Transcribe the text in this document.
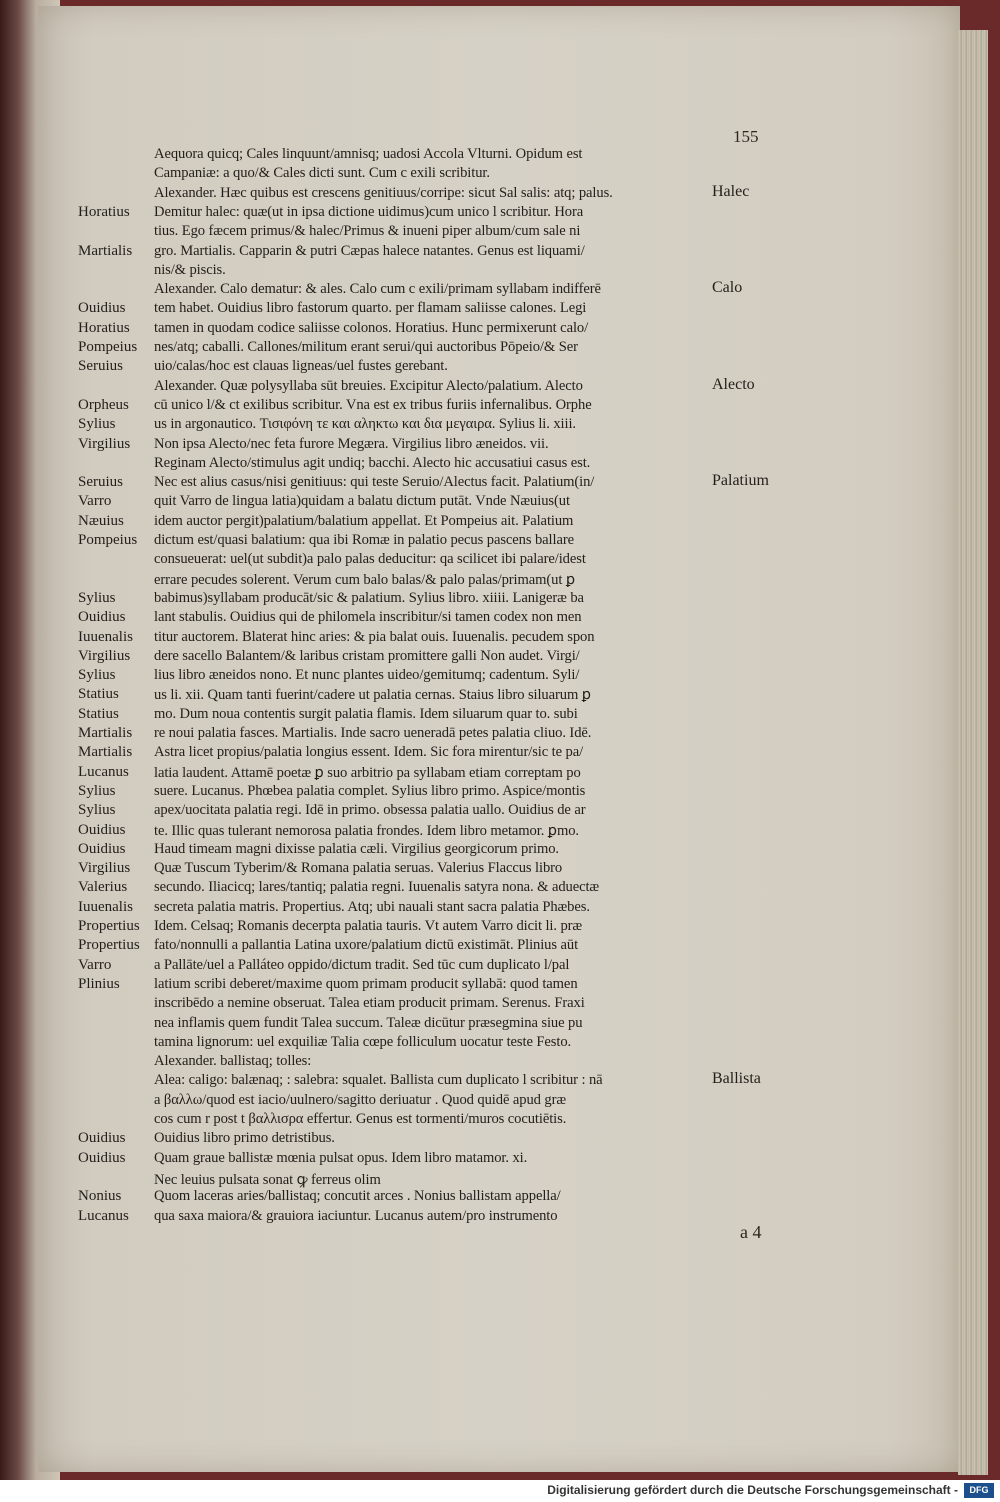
155
Horatius
Martialis
Ouidius
Horatius
Pompeius
Seruius
Orpheus
Sylius
Virgilius
Seruius
Varro
Næuius
Pompeius
Sylius
Ouidius
Iuuenalis
Virgilius
Sylius
Statius
Statius
Martialis
Martialis
Lucanus
Sylius
Sylius
Ouidius
Ouidius
Virgilius
Valerius
Iuuenalis
Propertius
Propertius
Varro
Plinius
Ouidius
Ouidius
Nonius
Lucanus
Aequora quicq; Cales linquunt/amnisq; uadosi Accola Vlturni. Opidum est
Campaniæ: a quo/& Cales dicti sunt. Cum c exili scribitur.
Alexander. Hæc quibus est crescens genitiuus/corripe: sicut Sal salis: atq; palus.
Demitur halec: quæ(ut in ipsa dictione uidimus)cum unico l scribitur. Hora
tius. Ego fæcem primus/& halec/Primus & inueni piper album/cum sale ni
gro. Martialis. Capparin & putri Cæpas halece natantes. Genus est liquami/
nis/& piscis.
Alexander. Calo dematur: & ales. Calo cum c exili/primam syllabam indifferē
tem habet. Ouidius libro fastorum quarto. per flamam saliisse calones. Legi
tamen in quodam codice saliisse colonos. Horatius. Hunc permixerunt calo/
nes/atq; caballi. Callones/militum erant serui/qui auctoribus Pōpeio/& Ser
uio/calas/hoc est clauas ligneas/uel fustes gerebant.
Alexander. Quæ polysyllaba sūt breuies. Excipitur Alecto/palatium. Alecto
cū unico l/& ct exilibus scribitur. Vna est ex tribus furiis infernalibus. Orphe
us in argonautico. Τισιφόνη τε και αληκτω και δια μεγαιρα. Sylius li. xiii.
Non ipsa Alecto/nec feta furore Megæra. Virgilius libro æneidos. vii.
Reginam Alecto/stimulus agit undiq; bacchi. Alecto hic accusatiui casus est.
Nec est alius casus/nisi genitiuus: qui teste Seruio/Alectus facit. Palatium(in/
quit Varro de lingua latia)quidam a balatu dictum putāt. Vnde Næuius(ut
idem auctor pergit)palatium/balatium appellat. Et Pompeius ait. Palatium
dictum est/quasi balatium: qua ibi Romæ in palatio pecus pascens ballare
consueuerat: uel(ut subdit)a palo palas deducitur: qa scilicet ibi palare/idest
errare pecudes solerent. Verum cum balo balas/& palo palas/primam(ut ꝑ
babimus)syllabam producāt/sic & palatium. Sylius libro. xiiii. Lanigeræ ba
lant stabulis. Ouidius qui de philomela inscribitur/si tamen codex non men
titur auctorem. Blaterat hinc aries: & pia balat ouis. Iuuenalis. pecudem spon
dere sacello Balantem/& laribus cristam promittere galli Non audet. Virgi/
lius libro æneidos nono. Et nunc plantes uideo/gemitumq; cadentum. Syli/
us li. xii. Quam tanti fuerint/cadere ut palatia cernas. Staius libro siluarum ꝑ
mo. Dum noua contentis surgit palatia flamis. Idem siluarum quar to. subi
re noui palatia fasces. Martialis. Inde sacro ueneradā petes palatia cliuo. Idē.
Astra licet propius/palatia longius essent. Idem. Sic fora mirentur/sic te pa/
latia laudent. Attamē poetæ ꝑ suo arbitrio pa syllabam etiam correptam po
suere. Lucanus. Phœbea palatia complet. Sylius libro primo. Aspice/montis
apex/uocitata palatia regi. Idē in primo. obsessa palatia uallo. Ouidius de ar
te. Illic quas tulerant nemorosa palatia frondes. Idem libro metamor. ꝑmo.
Haud timeam magni dixisse palatia cæli. Virgilius georgicorum primo.
Quæ Tuscum Tyberim/& Romana palatia seruas. Valerius Flaccus libro
secundo. Iliacicq; lares/tantiq; palatia regni. Iuuenalis satyra nona. & aduectæ
secreta palatia matris. Propertius. Atq; ubi nauali stant sacra palatia Phæbes.
Idem. Celsaq; Romanis decerpta palatia tauris. Vt autem Varro dicit li. præ
fato/nonnulli a pallantia Latina uxore/palatium dictū existimāt. Plinius aūt
a Pallāte/uel a Palláteo oppido/dictum tradit. Sed tūc cum duplicato l/pal
latium scribi deberet/maxime quom primam producit syllabā: quod tamen
inscribēdo a nemine obseruat. Talea etiam producit primam. Serenus. Fraxi
nea inflamis quem fundit Talea succum. Taleæ dicūtur præsegmina siue pu
tamina lignorum: uel exquiliæ Talia cœpe folliculum uocatur teste Festo.
Alexander. ballistaq; tolles:
Alea: caligo: balænaq; : salebra: squalet. Ballista cum duplicato l scribitur : nā
a βαλλω/quod est iacio/uulnero/sagitto deriuatur . Quod quidē apud græ
cos cum r post t βαλλισρα effertur. Genus est tormenti/muros cocutiētis.
Ouidius libro primo detristibus.
Quam graue ballistæ mœnia pulsat opus. Idem libro matamor. xi.
Nec leuius pulsata sonat ꝙ ferreus olim
Quom laceras aries/ballistaq; concutit arces . Nonius ballistam appella/
qua saxa maiora/& grauiora iaciuntur. Lucanus autem/pro instrumento
Halec
Calo
Alecto
Palatium
Ballista
a 4
Digitalisierung gefördert durch die Deutsche Forschungsgemeinschaft -	DFG
